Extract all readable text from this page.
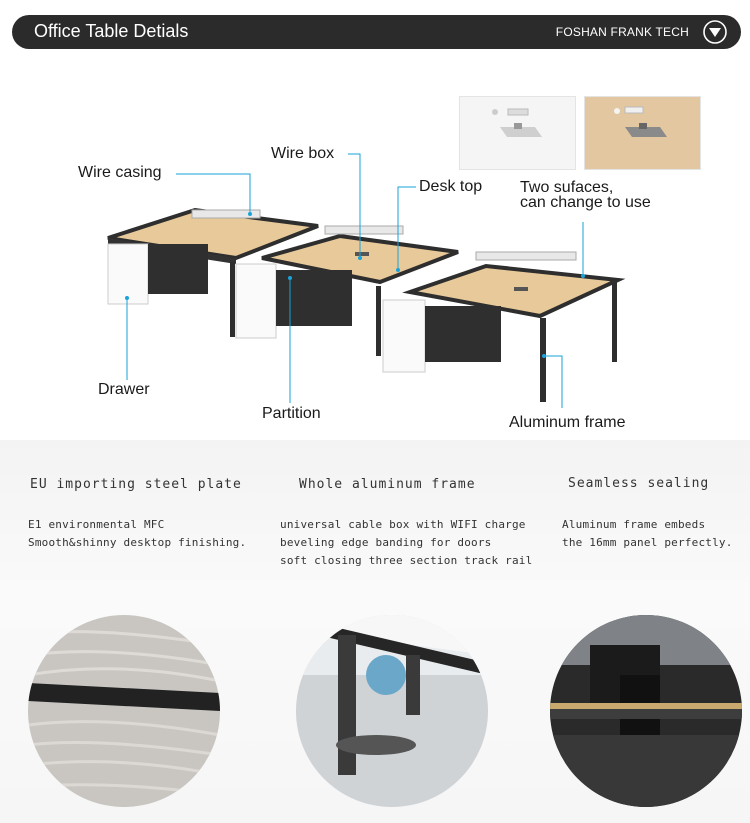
Office Table Detials	FOSHAN FRANK TECH
Wire casing
Wire box
Desk top Two sufaces,
can change to use
Drawer
Partition
Aluminum frame
EU importing steel plate
E1 environmental MFC
Smooth&shinny desktop finishing.
Whole aluminum frame
universal cable box with WIFI charge
beveling edge banding for doors
soft closing three section track rail
Seamless sealing
Aluminum frame embeds
the 16mm panel perfectly.
